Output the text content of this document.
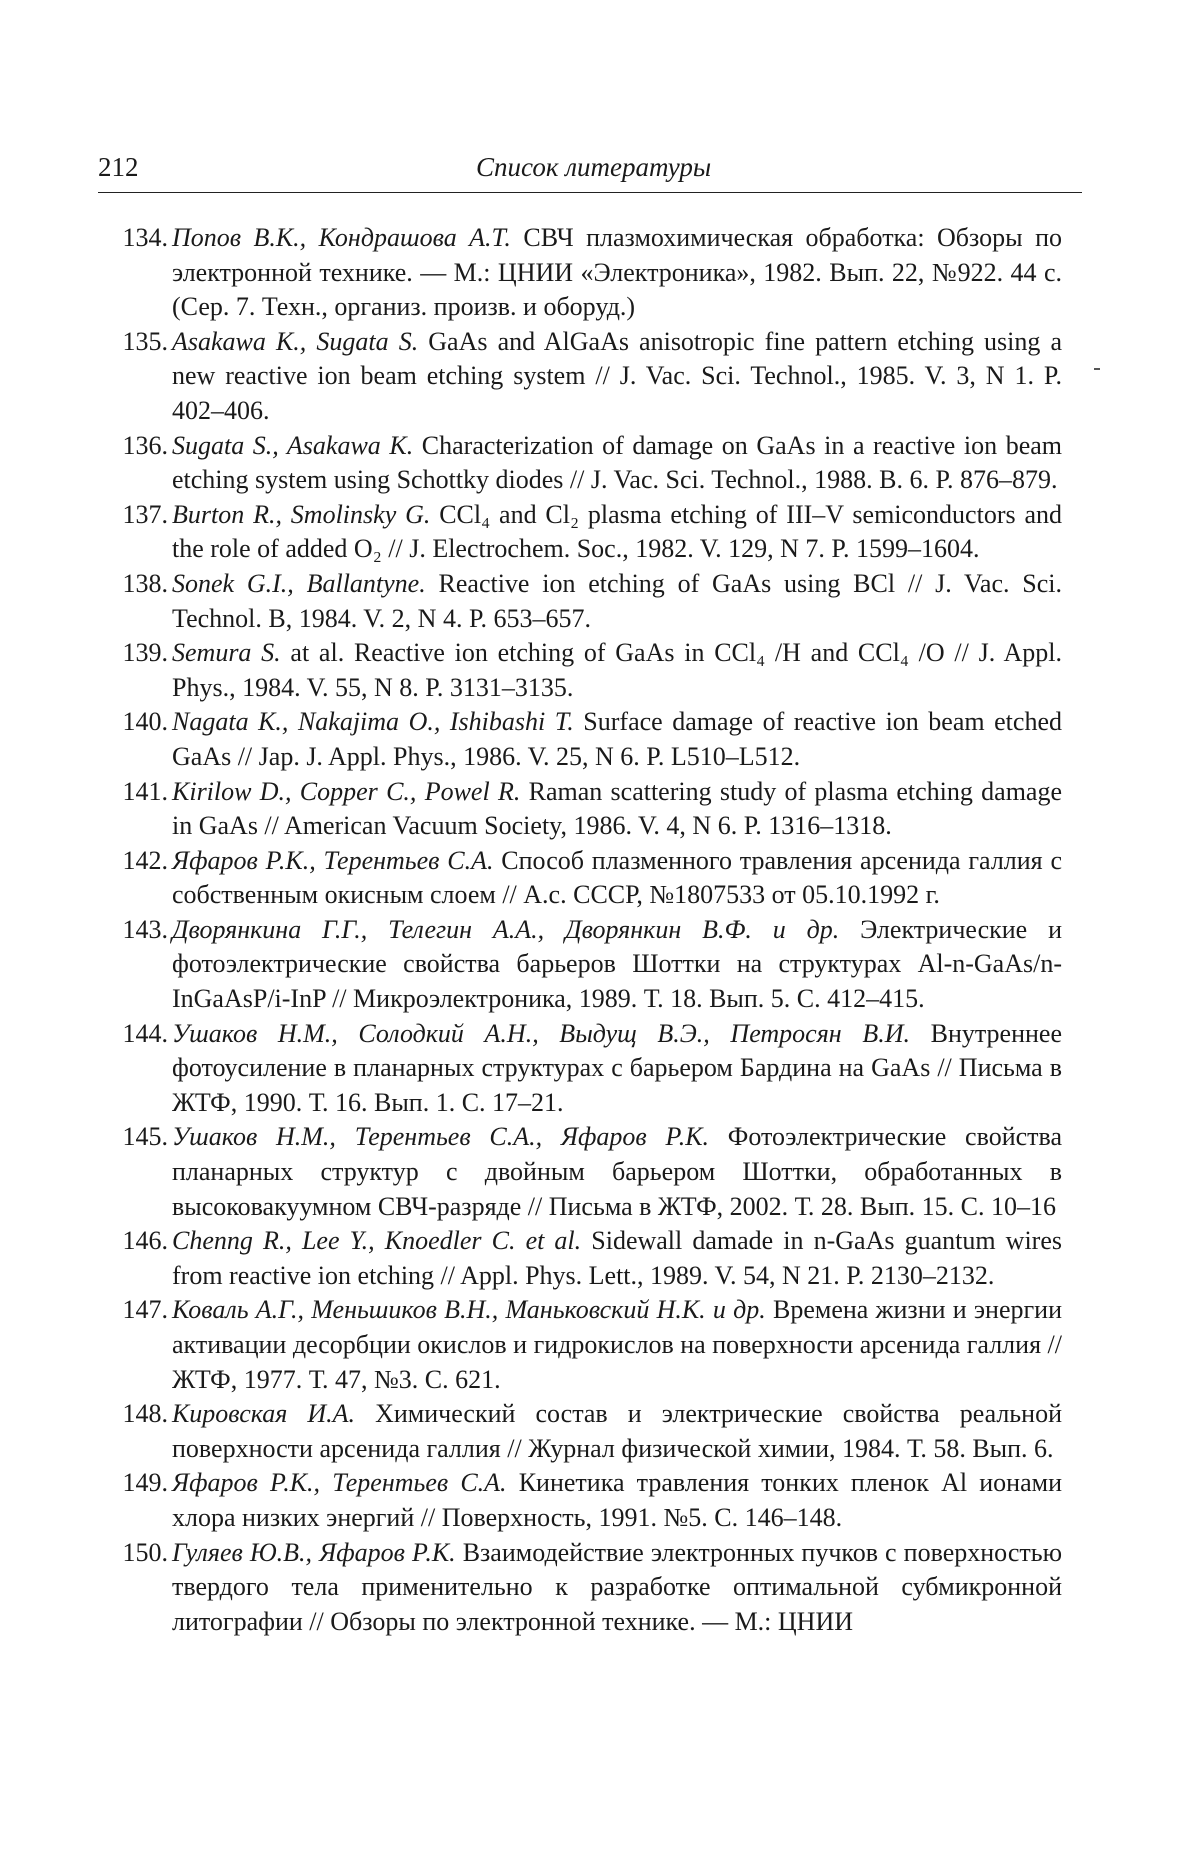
212	Список литературы
134. Попов В.К., Кондрашова А.Т. СВЧ плазмохимическая обработка: Обзоры по электронной технике. — М.: ЦНИИ «Электроника», 1982. Вып. 22, №922. 44 с. (Сер. 7. Техн., организ. произв. и оборуд.)
135. Asakawa K., Sugata S. GaAs and AlGaAs anisotropic fine pattern etching using a new reactive ion beam etching system // J. Vac. Sci. Technol., 1985. V. 3, N 1. P. 402–406.
136. Sugata S., Asakawa K. Characterization of damage on GaAs in a reactive ion beam etching system using Schottky diodes // J. Vac. Sci. Technol., 1988. B. 6. P. 876–879.
137. Burton R., Smolinsky G. CCl₄ and Cl₂ plasma etching of III–V semiconductors and the role of added O₂ // J. Electrochem. Soc., 1982. V. 129, N 7. P. 1599–1604.
138. Sonek G.I., Ballantyne. Reactive ion etching of GaAs using BCl // J. Vac. Sci. Technol. B, 1984. V. 2, N 4. P. 653–657.
139. Semura S. at al. Reactive ion etching of GaAs in CCl₄ /H and CCl₄ /O // J. Appl. Phys., 1984. V. 55, N 8. P. 3131–3135.
140. Nagata K., Nakajima O., Ishibashi T. Surface damage of reactive ion beam etched GaAs // Jap. J. Appl. Phys., 1986. V. 25, N 6. P. L510–L512.
141. Kirilow D., Copper C., Powel R. Raman scattering study of plasma etching damage in GaAs // American Vacuum Society, 1986. V. 4, N 6. P. 1316–1318.
142. Яфаров Р.К., Терентьев С.А. Способ плазменного травления арсенида галлия с собственным окисным слоем // А.с. СССР, №1807533 от 05.10.1992 г.
143. Дворянкина Г.Г., Телегин А.А., Дворянкин В.Ф. и др. Электрические и фотоэлектрические свойства барьеров Шоттки на структурах Al-n-GaAs/n-InGaAsP/i-InP // Микроэлектроника, 1989. Т. 18. Вып. 5. С. 412–415.
144. Ушаков Н.М., Солодкий А.Н., Выдущ В.Э., Петросян В.И. Внутреннее фотоусиление в планарных структурах с барьером Бардина на GaAs // Письма в ЖТФ, 1990. Т. 16. Вып. 1. С. 17–21.
145. Ушаков Н.М., Терентьев С.А., Яфаров Р.К. Фотоэлектрические свойства планарных структур с двойным барьером Шоттки, обработанных в высоковакуумном СВЧ-разряде // Письма в ЖТФ, 2002. Т. 28. Вып. 15. С. 10–16
146. Chenng R., Lee Y., Knoedler C. et al. Sidewall damade in n-GaAs guantum wires from reactive ion etching // Appl. Phys. Lett., 1989. V. 54, N 21. P. 2130–2132.
147. Коваль А.Г., Меньшиков В.Н., Маньковский Н.К. и др. Времена жизни и энергии активации десорбции окислов и гидрокислов на поверхности арсенида галлия // ЖТФ, 1977. Т. 47, №3. С. 621.
148. Кировская И.А. Химический состав и электрические свойства реальной поверхности арсенида галлия // Журнал физической химии, 1984. Т. 58. Вып. 6.
149. Яфаров Р.К., Терентьев С.А. Кинетика травления тонких пленок Al ионами хлора низких энергий // Поверхность, 1991. №5. С. 146–148.
150. Гуляев Ю.В., Яфаров Р.К. Взаимодействие электронных пучков с поверхностью твердого тела применительно к разработке оптимальной субмикронной литографии // Обзоры по электронной технике. — М.: ЦНИИ
